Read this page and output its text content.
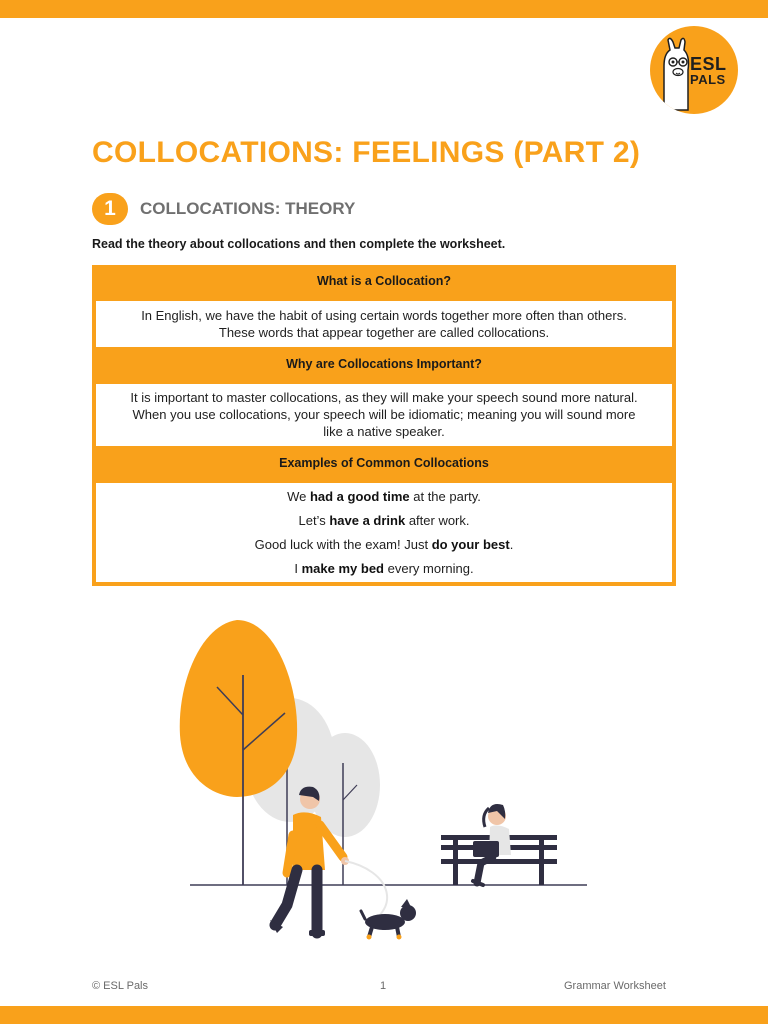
ESL
PALS
COLLOCATIONS: FEELINGS (PART 2)
1	COLLOCATIONS: THEORY

Read the theory about collocations and then complete the worksheet.

What is a Collocation?
In English, we have the habit of using certain words together more often than others.
These words that appear together are called collocations.
Why are Collocations Important?
It is important to master collocations, as they will make your speech sound more natural.
When you use collocations, your speech will be idiomatic; meaning you will sound more
like a native speaker.
Examples of Common Collocations
We had a good time at the party.
Let’s have a drink after work.
Good luck with the exam! Just do your best.
I make my bed every morning.
© ESL Pals	1	Grammar Worksheet
